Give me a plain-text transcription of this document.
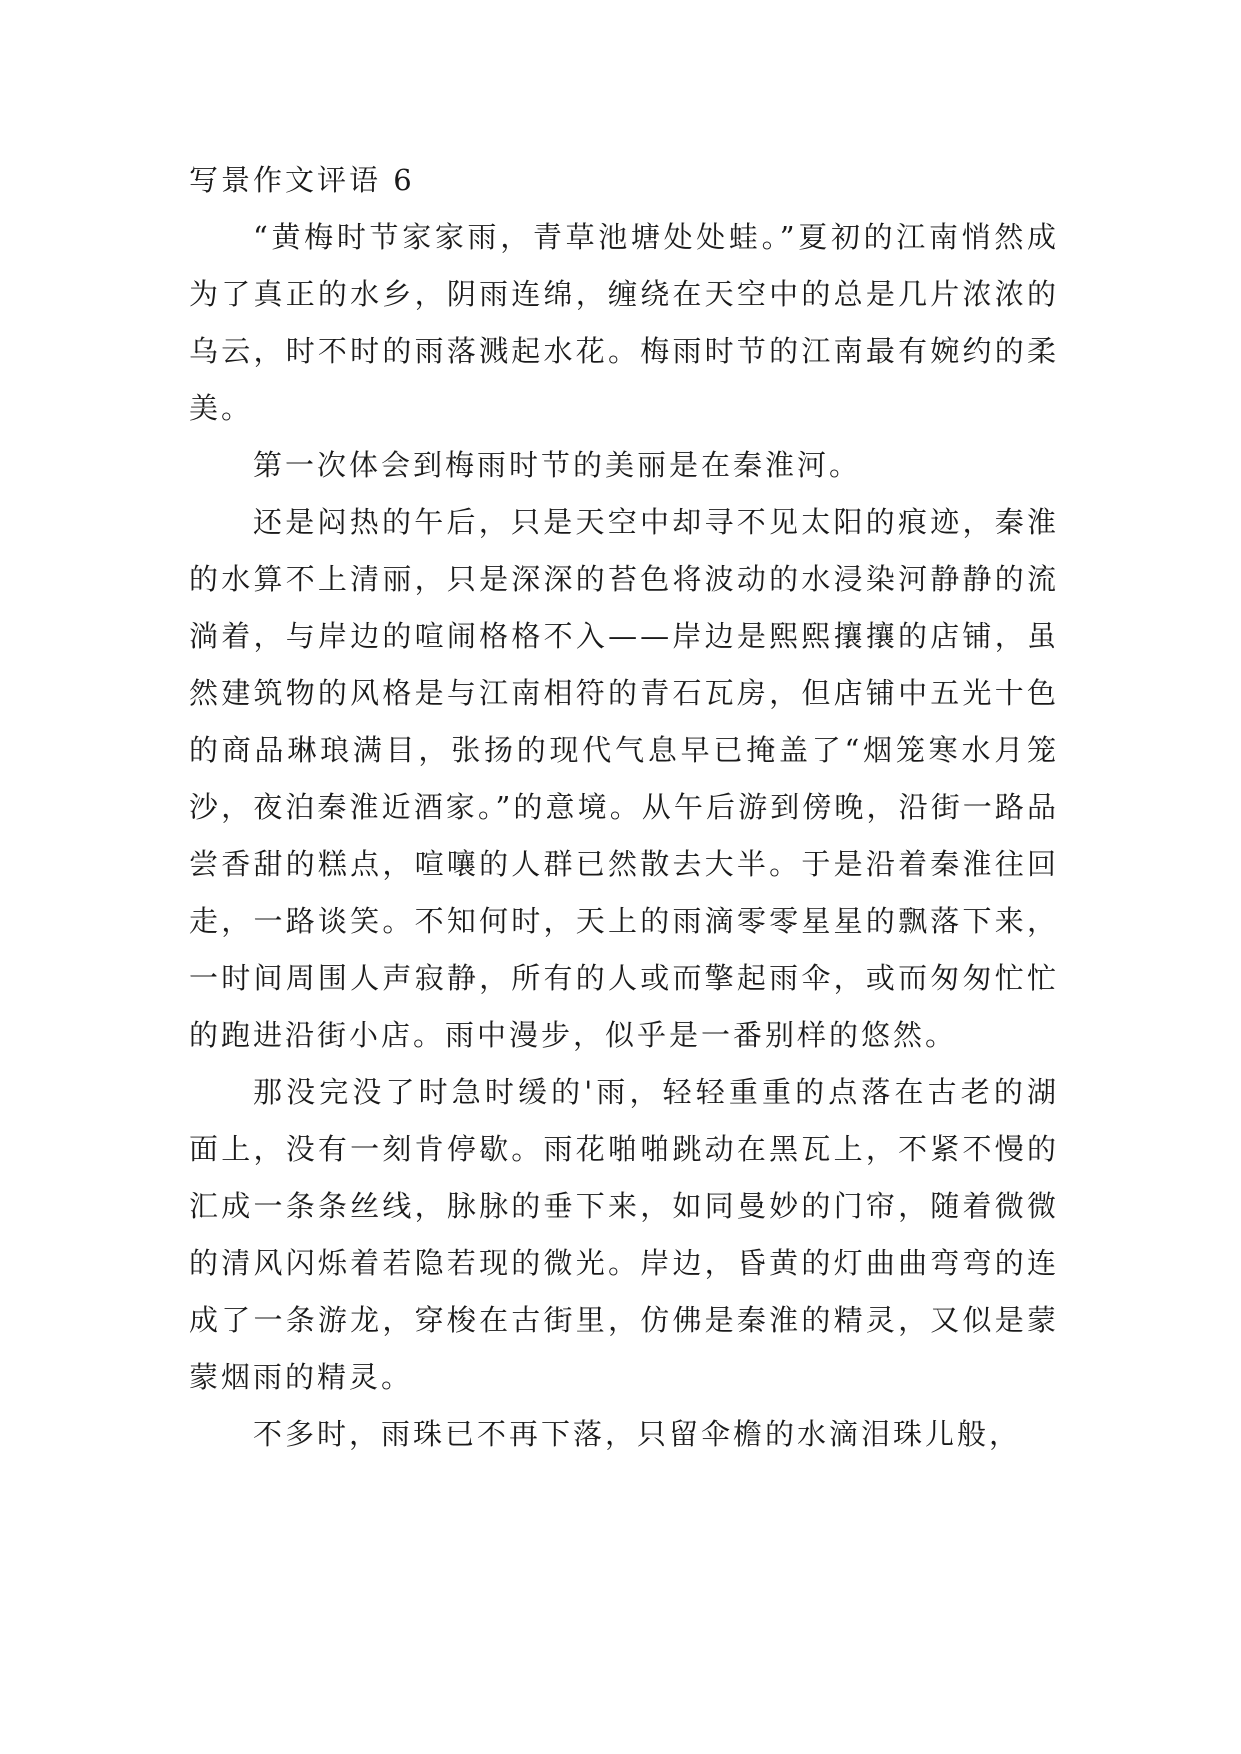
写景作文评语 6

“黄梅时节家家雨，青草池塘处处蛙。”夏初的江南悄然成为了真正的水乡，阴雨连绵，缠绕在天空中的总是几片浓浓的乌云，时不时的雨落溅起水花。梅雨时节的江南最有婉约的柔美。

第一次体会到梅雨时节的美丽是在秦淮河。

还是闷热的午后，只是天空中却寻不见太阳的痕迹，秦淮的水算不上清丽，只是深深的苔色将波动的水浸染河静静的流淌着，与岸边的喧闹格格不入——岸边是熙熙攘攘的店铺，虽然建筑物的风格是与江南相符的青石瓦房，但店铺中五光十色的商品琳琅满目，张扬的现代气息早已掩盖了“烟笼寒水月笼沙，夜泊秦淮近酒家。”的意境。从午后游到傍晚，沿街一路品尝香甜的糕点，喧嚷的人群已然散去大半。于是沿着秦淮往回走，一路谈笑。不知何时，天上的雨滴零零星星的飘落下来，一时间周围人声寂静，所有的人或而擎起雨伞，或而匆匆忙忙的跑进沿街小店。雨中漫步，似乎是一番别样的悠然。

那没完没了时急时缓的'雨，轻轻重重的点落在古老的湖面上，没有一刻肯停歇。雨花啪啪跳动在黑瓦上，不紧不慢的汇成一条条丝线，脉脉的垂下来，如同曼妙的门帘，随着微微的清风闪烁着若隐若现的微光。岸边，昏黄的灯曲曲弯弯的连成了一条游龙，穿梭在古街里，仿佛是秦淮的精灵，又似是蒙蒙烟雨的精灵。

不多时，雨珠已不再下落，只留伞檐的水滴泪珠儿般，
